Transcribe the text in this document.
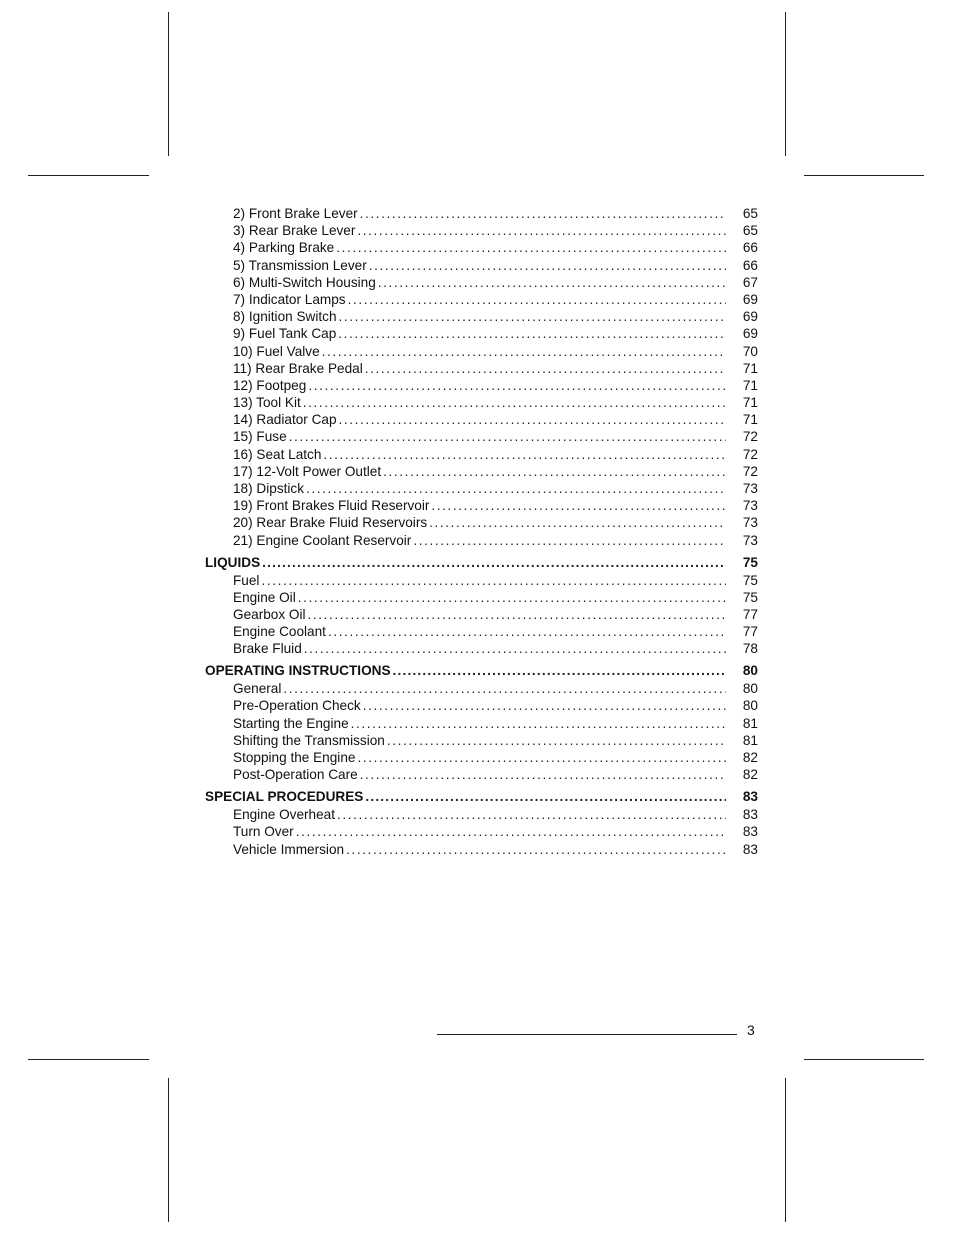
2) Front Brake Lever .....	65
3) Rear Brake Lever .....	65
4) Parking Brake .....	66
5) Transmission Lever .....	66
6) Multi-Switch Housing .....	67
7) Indicator Lamps .....	69
8) Ignition Switch .....	69
9) Fuel Tank Cap .....	69
10) Fuel Valve .....	70
11) Rear Brake Pedal .....	71
12) Footpeg .....	71
13) Tool Kit .....	71
14) Radiator Cap .....	71
15) Fuse .....	72
16) Seat Latch .....	72
17) 12-Volt Power Outlet .....	72
18) Dipstick .....	73
19) Front Brakes Fluid Reservoir .....	73
20) Rear Brake Fluid Reservoirs .....	73
21) Engine Coolant Reservoir .....	73
LIQUIDS .....	75
Fuel .....	75
Engine Oil .....	75
Gearbox Oil .....	77
Engine Coolant .....	77
Brake Fluid .....	78
OPERATING INSTRUCTIONS .....	80
General .....	80
Pre-Operation Check .....	80
Starting the Engine .....	81
Shifting the Transmission .....	81
Stopping the Engine .....	82
Post-Operation Care .....	82
SPECIAL PROCEDURES .....	83
Engine Overheat .....	83
Turn Over .....	83
Vehicle Immersion .....	83
3
